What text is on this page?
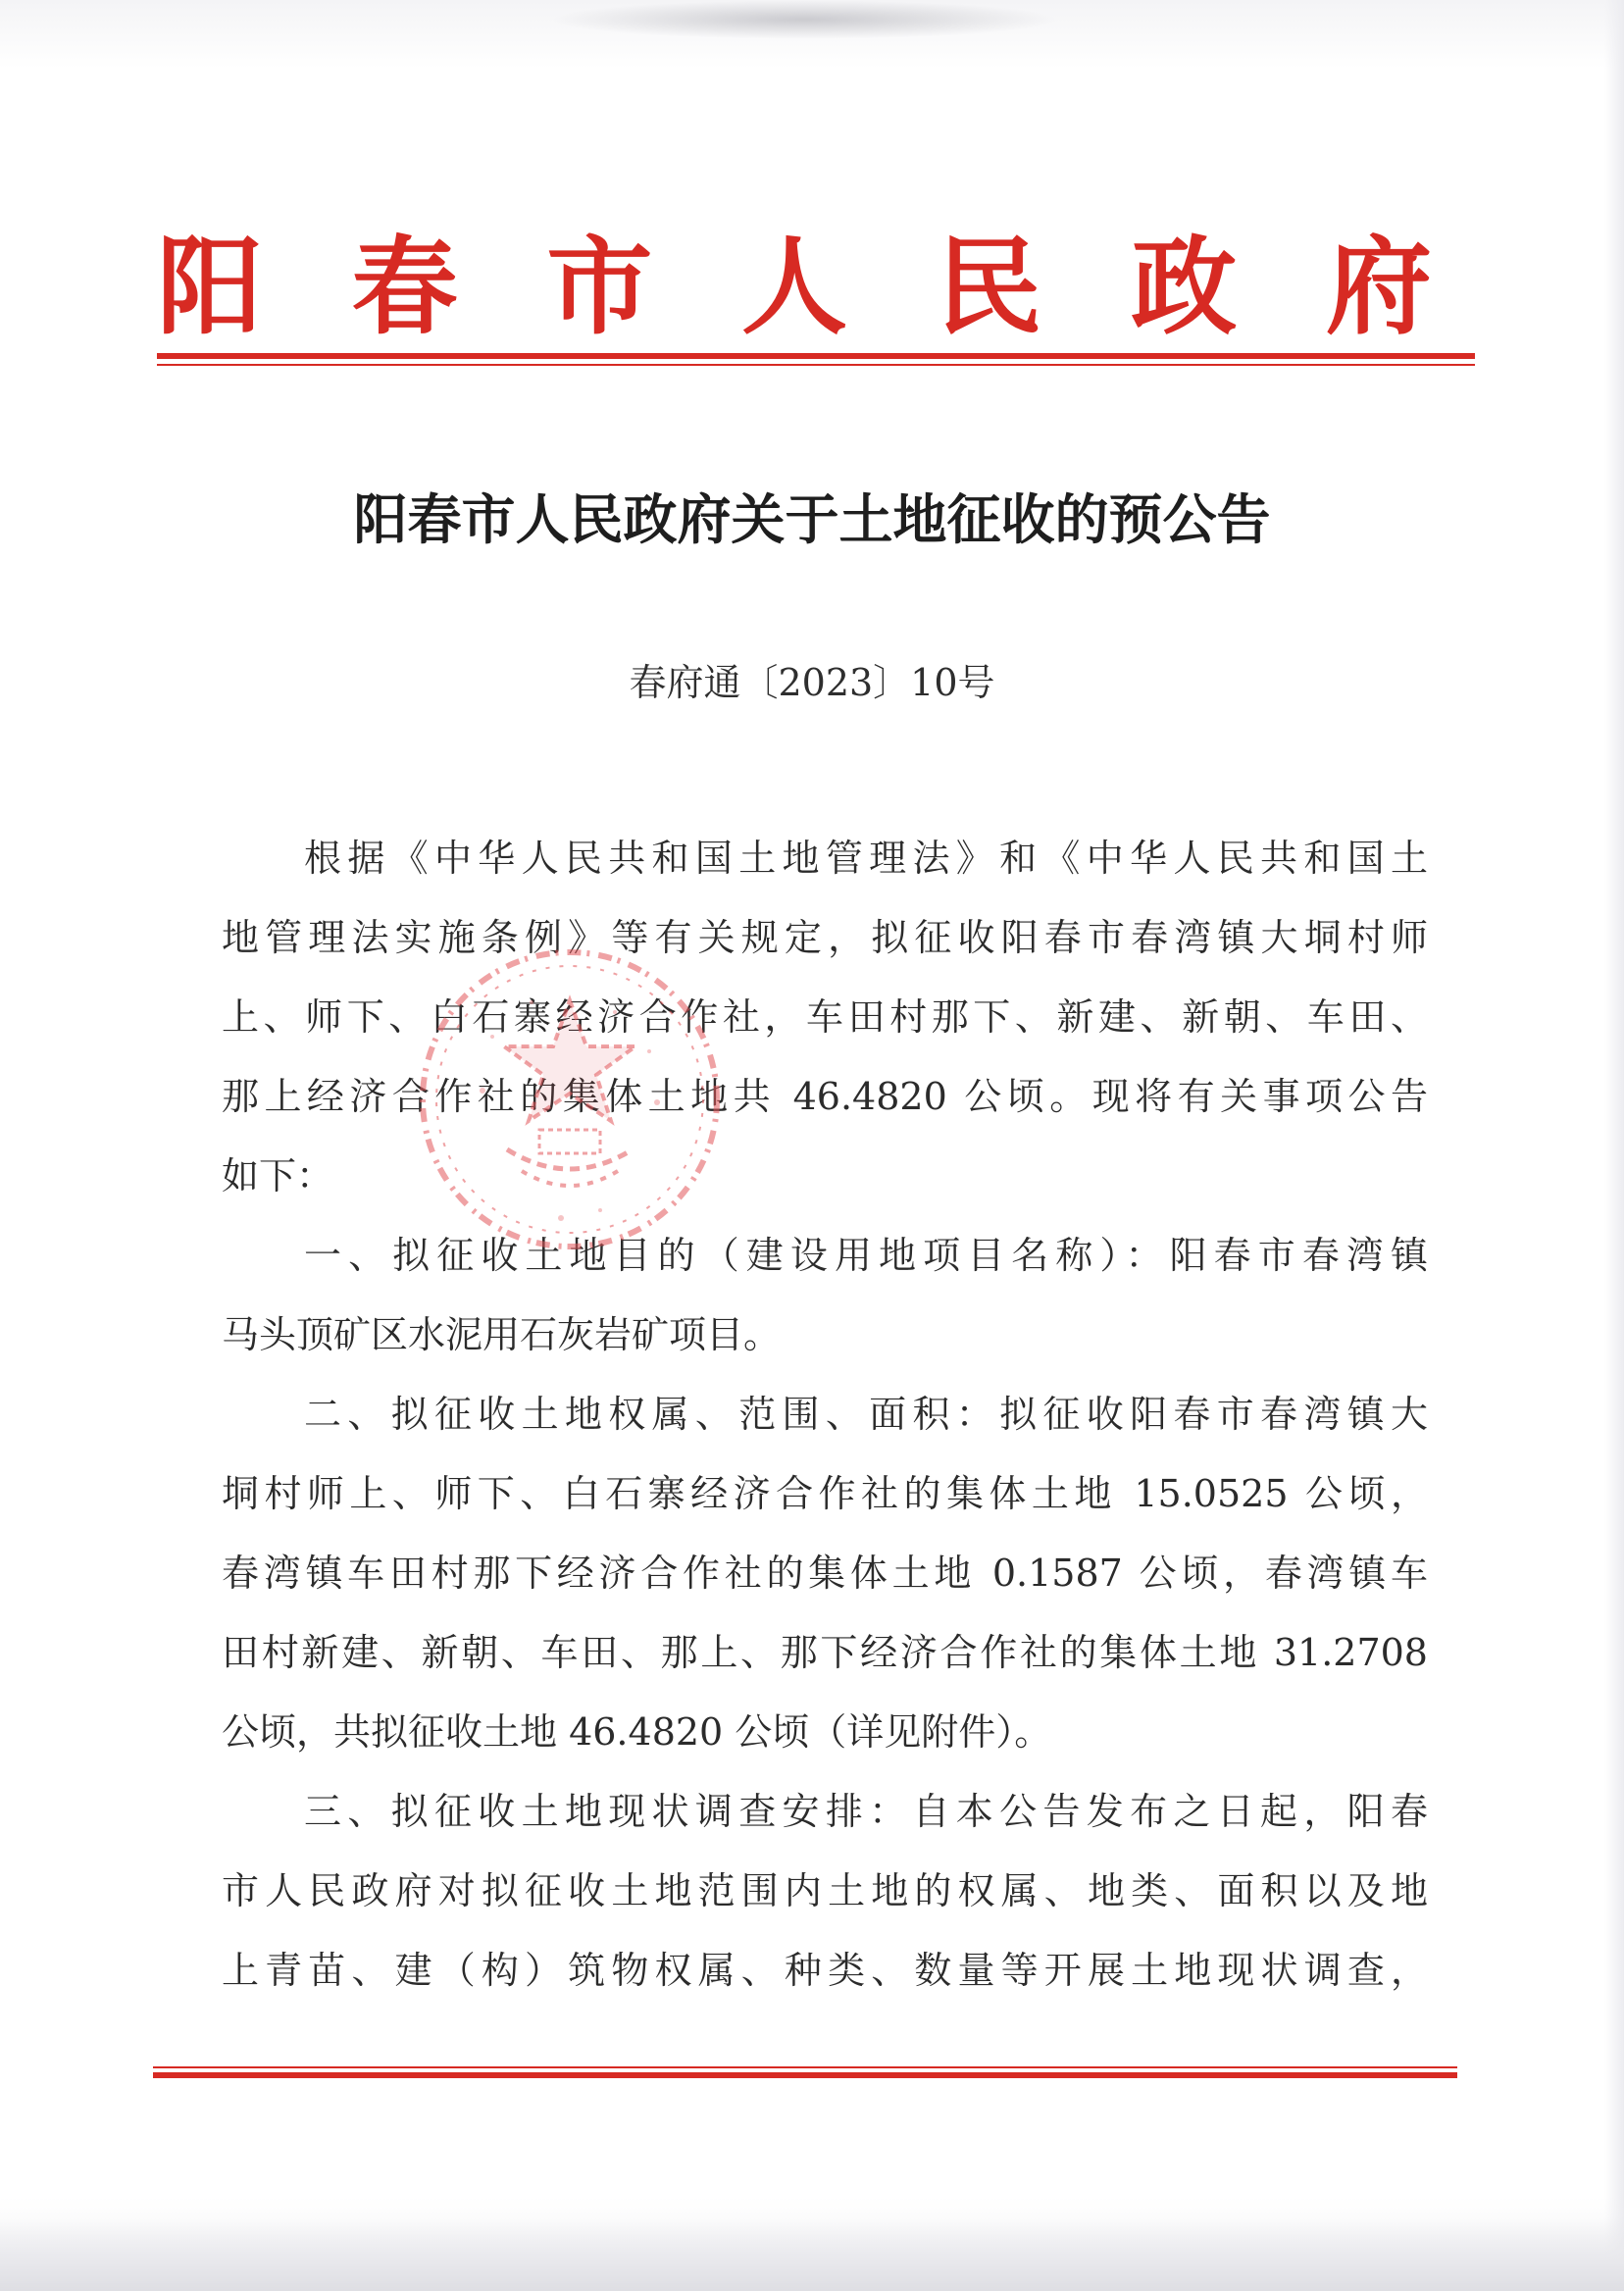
阳 春 市 人 民 政 府
阳春市人民政府关于土地征收的预公告
春府通〔2023〕10号
根据《中华人民共和国土地管理法》和《中华人民共和国土
地管理法实施条例》等有关规定，拟征收阳春市春湾镇大垌村师
上、师下、白石寨经济合作社，车田村那下、新建、新朝、车田、
那上经济合作社的集体土地共 46.4820 公顷。现将有关事项公告
如下：
一、拟征收土地目的（建设用地项目名称）：阳春市春湾镇
马头顶矿区水泥用石灰岩矿项目。
二、拟征收土地权属、范围、面积：拟征收阳春市春湾镇大
垌村师上、师下、白石寨经济合作社的集体土地 15.0525 公顷，
春湾镇车田村那下经济合作社的集体土地 0.1587 公顷，春湾镇车
田村新建、新朝、车田、那上、那下经济合作社的集体土地 31.2708
公顷，共拟征收土地 46.4820 公顷（详见附件）。
三、拟征收土地现状调查安排：自本公告发布之日起，阳春
市人民政府对拟征收土地范围内土地的权属、地类、面积以及地
上青苗、建（构）筑物权属、种类、数量等开展土地现状调查，
